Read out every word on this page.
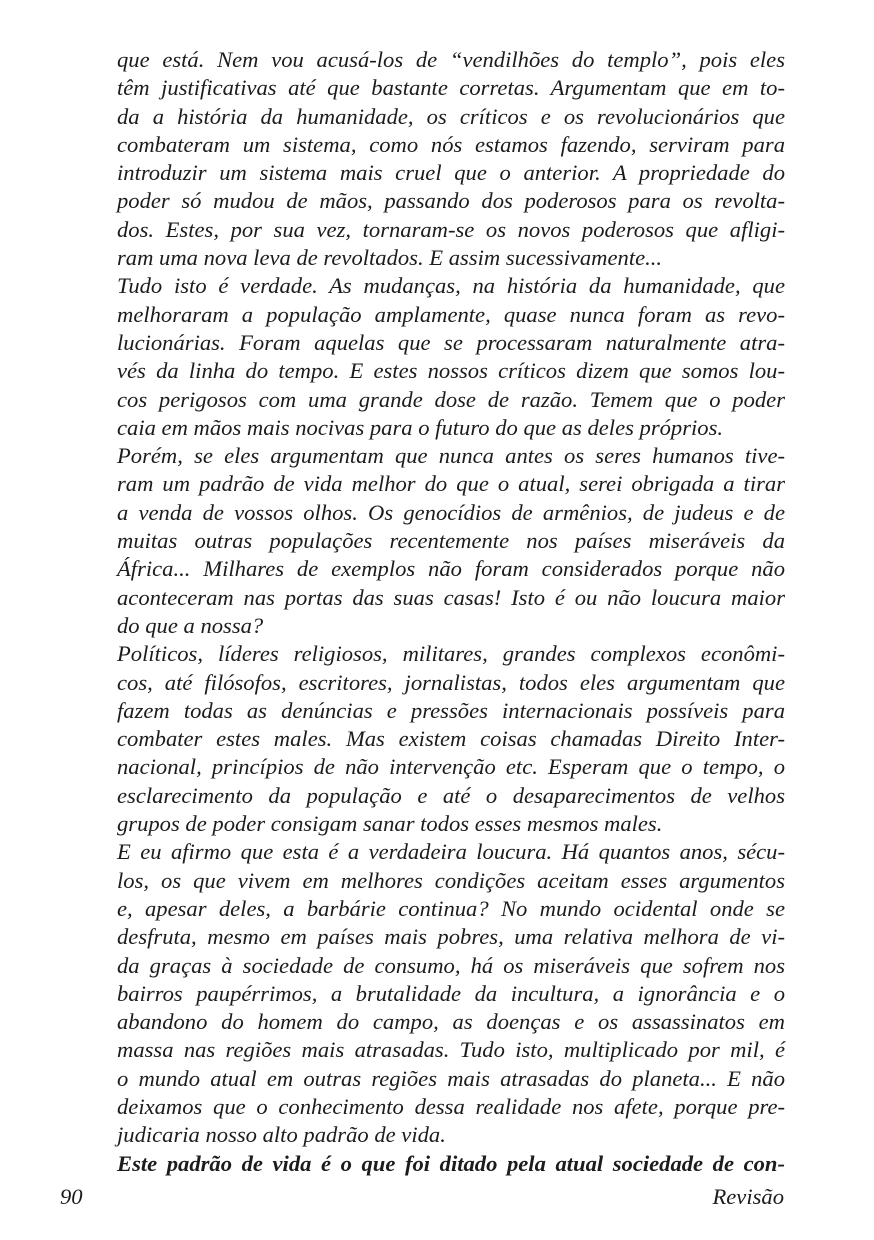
que está. Nem vou acusá-los de “vendilhões do templo”, pois eles
têm justificativas até que bastante corretas. Argumentam que em to-
da a história da humanidade, os críticos e os revolucionários que
combateram um sistema, como nós estamos fazendo, serviram para
introduzir um sistema mais cruel que o anterior. A propriedade do
poder só mudou de mãos, passando dos poderosos para os revolta-
dos. Estes, por sua vez, tornaram-se os novos poderosos que afligi-
ram uma nova leva de revoltados. E assim sucessivamente...
Tudo isto é verdade. As mudanças, na história da humanidade, que
melhoraram a população amplamente, quase nunca foram as revo-
lucionárias. Foram aquelas que se processaram naturalmente atra-
vés da linha do tempo. E estes nossos críticos dizem que somos lou-
cos perigosos com uma grande dose de razão. Temem que o poder
caia em mãos mais nocivas para o futuro do que as deles próprios.
Porém, se eles argumentam que nunca antes os seres humanos tive-
ram um padrão de vida melhor do que o atual, serei obrigada a tirar
a venda de vossos olhos. Os genocídios de armênios, de judeus e de
muitas outras populações recentemente nos países miseráveis da
África... Milhares de exemplos não foram considerados porque não
aconteceram nas portas das suas casas! Isto é ou não loucura maior
do que a nossa?
Políticos, líderes religiosos, militares, grandes complexos econômi-
cos, até filósofos, escritores, jornalistas, todos eles argumentam que
fazem todas as denúncias e pressões internacionais possíveis para
combater estes males. Mas existem coisas chamadas Direito Inter-
nacional, princípios de não intervenção etc. Esperam que o tempo, o
esclarecimento da população e até o desaparecimentos de velhos
grupos de poder consigam sanar todos esses mesmos males.
E eu afirmo que esta é a verdadeira loucura. Há quantos anos, sécu-
los, os que vivem em melhores condições aceitam esses argumentos
e, apesar deles, a barbárie continua? No mundo ocidental onde se
desfruta, mesmo em países mais pobres, uma relativa melhora de vi-
da graças à sociedade de consumo, há os miseráveis que sofrem nos
bairros paupérrimos, a brutalidade da incultura, a ignorância e o
abandono do homem do campo, as doenças e os assassinatos em
massa nas regiões mais atrasadas. Tudo isto, multiplicado por mil, é
o mundo atual em outras regiões mais atrasadas do planeta... E não
deixamos que o conhecimento dessa realidade nos afete, porque pre-
judicaria nosso alto padrão de vida.
Este padrão de vida é o que foi ditado pela atual sociedade de con-
90	Revisão
